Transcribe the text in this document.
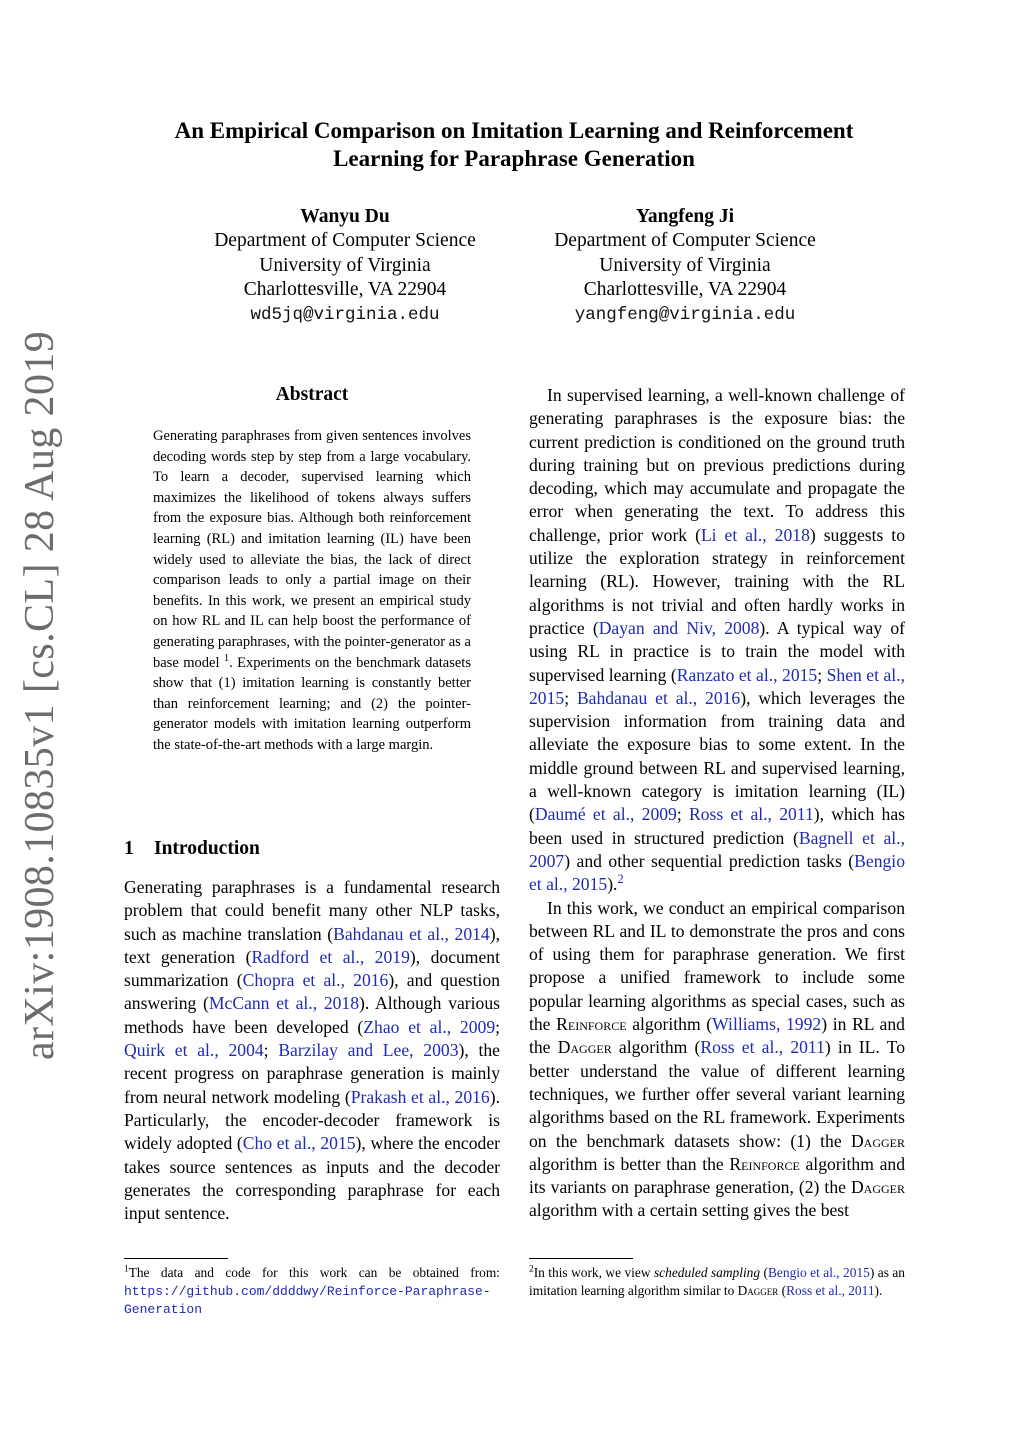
arXiv:1908.10835v1 [cs.CL] 28 Aug 2019
An Empirical Comparison on Imitation Learning and Reinforcement
Learning for Paraphrase Generation
Wanyu Du
Department of Computer Science
University of Virginia
Charlottesville, VA 22904
wd5jq@virginia.edu
Yangfeng Ji
Department of Computer Science
University of Virginia
Charlottesville, VA 22904
yangfeng@virginia.edu
Abstract
Generating paraphrases from given sentences involves decoding words step by step from a large vocabulary. To learn a decoder, supervised learning which maximizes the likelihood of tokens always suffers from the exposure bias. Although both reinforcement learning (RL) and imitation learning (IL) have been widely used to alleviate the bias, the lack of direct comparison leads to only a partial image on their benefits. In this work, we present an empirical study on how RL and IL can help boost the performance of generating paraphrases, with the pointer-generator as a base model $^1$. Experiments on the benchmark datasets show that (1) imitation learning is constantly better than reinforcement learning; and (2) the pointer-generator models with imitation learning outperform the state-of-the-art methods with a large margin.
1 Introduction

Generating paraphrases is a fundamental research problem that could benefit many other NLP tasks, such as machine translation (Bahdanau et al., 2014), text generation (Radford et al., 2019), document summarization (Chopra et al., 2016), and question answering (McCann et al., 2018). Although various methods have been developed (Zhao et al., 2009; Quirk et al., 2004; Barzilay and Lee, 2003), the recent progress on paraphrase generation is mainly from neural network modeling (Prakash et al., 2016). Particularly, the encoder-decoder framework is widely adopted (Cho et al., 2015), where the encoder takes source sentences as inputs and the decoder generates the corresponding paraphrase for each input sentence.

In supervised learning, a well-known challenge of generating paraphrases is the exposure bias: the current prediction is conditioned on the ground truth during training but on previous predictions during decoding, which may accumulate and propagate the error when generating the text. To address this challenge, prior work (Li et al., 2018) suggests to utilize the exploration strategy in reinforcement learning (RL). However, training with the RL algorithms is not trivial and often hardly works in practice (Dayan and Niv, 2008). A typical way of using RL in practice is to train the model with supervised learning (Ranzato et al., 2015; Shen et al., 2015; Bahdanau et al., 2016), which leverages the supervision information from training data and alleviate the exposure bias to some extent. In the middle ground between RL and supervised learning, a well-known category is imitation learning (IL) (Daumé et al., 2009; Ross et al., 2011), which has been used in structured prediction (Bagnell et al., 2007) and other sequential prediction tasks (Bengio et al., 2015).$^2$

In this work, we conduct an empirical comparison between RL and IL to demonstrate the pros and cons of using them for paraphrase generation. We first propose a unified framework to include some popular learning algorithms as special cases, such as the Reinforce algorithm (Williams, 1992) in RL and the Dagger algorithm (Ross et al., 2011) in IL. To better understand the value of different learning techniques, we further offer several variant learning algorithms based on the RL framework. Experiments on the benchmark datasets show: (1) the Dagger algorithm is better than the Reinforce algorithm and its variants on paraphrase generation, (2) the Dagger algorithm with a certain setting gives the best

$^1$The data and code for this work can be obtained from: https://github.com/ddddwy/Reinforce-Paraphrase-Generation
$^2$In this work, we view scheduled sampling (Bengio et al., 2015) as an imitation learning algorithm similar to Dagger (Ross et al., 2011).
